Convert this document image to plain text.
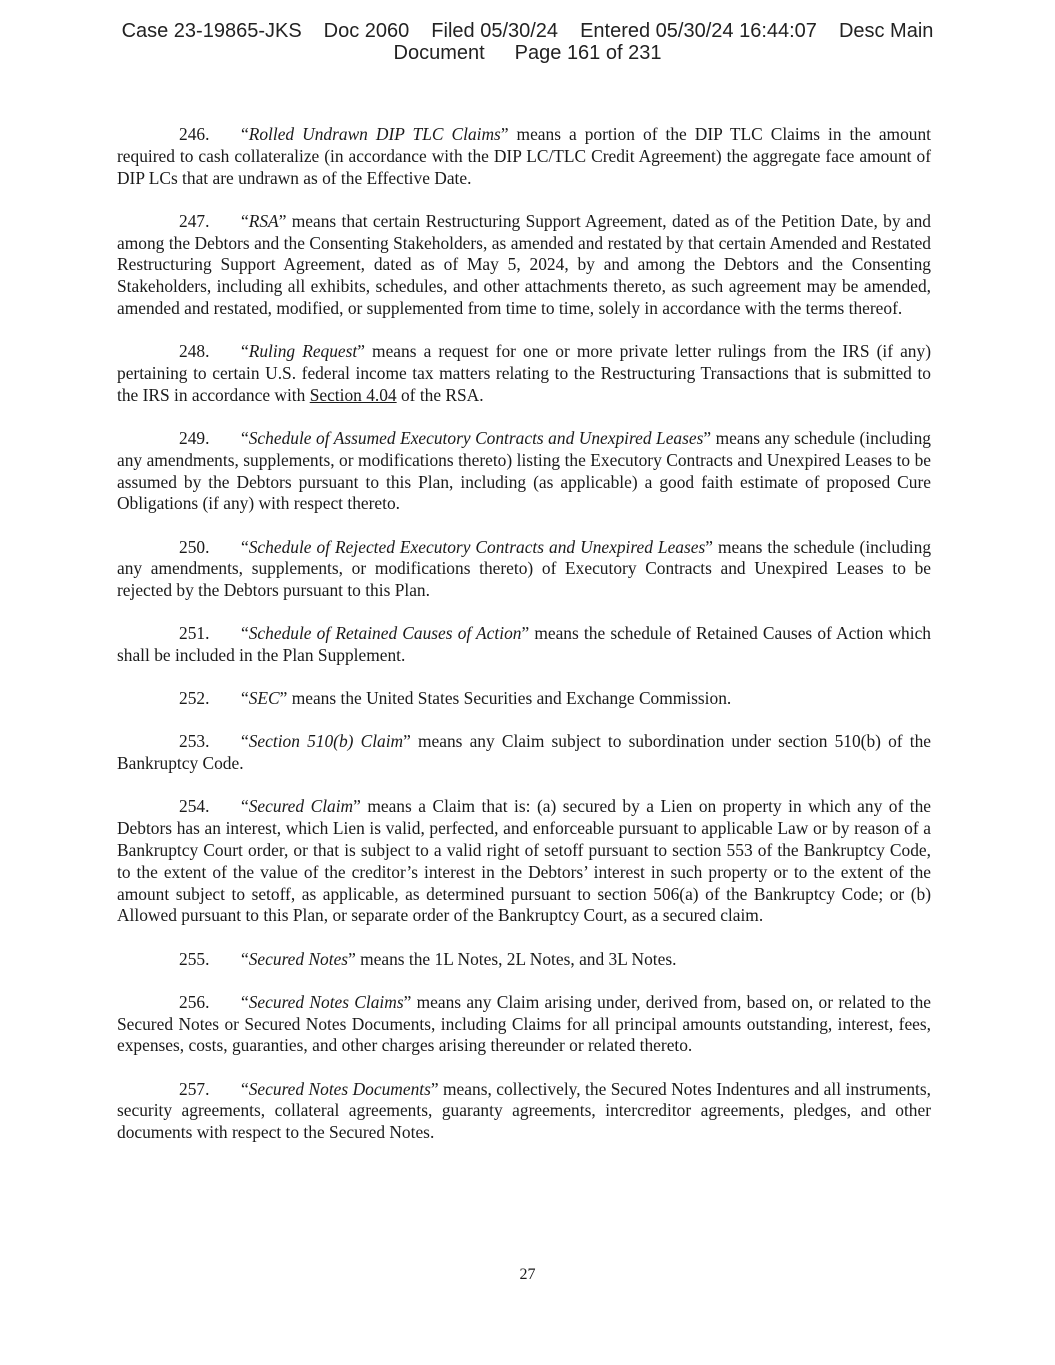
Case 23-19865-JKS Doc 2060 Filed 05/30/24 Entered 05/30/24 16:44:07 Desc Main
Document Page 161 of 231

246. “Rolled Undrawn DIP TLC Claims” means a portion of the DIP TLC Claims in the amount required to cash collateralize (in accordance with the DIP LC/TLC Credit Agreement) the aggregate face amount of DIP LCs that are undrawn as of the Effective Date.

247. “RSA” means that certain Restructuring Support Agreement, dated as of the Petition Date, by and among the Debtors and the Consenting Stakeholders, as amended and restated by that certain Amended and Restated Restructuring Support Agreement, dated as of May 5, 2024, by and among the Debtors and the Consenting Stakeholders, including all exhibits, schedules, and other attachments thereto, as such agreement may be amended, amended and restated, modified, or supplemented from time to time, solely in accordance with the terms thereof.

248. “Ruling Request” means a request for one or more private letter rulings from the IRS (if any) pertaining to certain U.S. federal income tax matters relating to the Restructuring Transactions that is submitted to the IRS in accordance with Section 4.04 of the RSA.

249. “Schedule of Assumed Executory Contracts and Unexpired Leases” means any schedule (including any amendments, supplements, or modifications thereto) listing the Executory Contracts and Unexpired Leases to be assumed by the Debtors pursuant to this Plan, including (as applicable) a good faith estimate of proposed Cure Obligations (if any) with respect thereto.

250. “Schedule of Rejected Executory Contracts and Unexpired Leases” means the schedule (including any amendments, supplements, or modifications thereto) of Executory Contracts and Unexpired Leases to be rejected by the Debtors pursuant to this Plan.

251. “Schedule of Retained Causes of Action” means the schedule of Retained Causes of Action which shall be included in the Plan Supplement.

252. “SEC” means the United States Securities and Exchange Commission.

253. “Section 510(b) Claim” means any Claim subject to subordination under section 510(b) of the Bankruptcy Code.

254. “Secured Claim” means a Claim that is: (a) secured by a Lien on property in which any of the Debtors has an interest, which Lien is valid, perfected, and enforceable pursuant to applicable Law or by reason of a Bankruptcy Court order, or that is subject to a valid right of setoff pursuant to section 553 of the Bankruptcy Code, to the extent of the value of the creditor’s interest in the Debtors’ interest in such property or to the extent of the amount subject to setoff, as applicable, as determined pursuant to section 506(a) of the Bankruptcy Code; or (b) Allowed pursuant to this Plan, or separate order of the Bankruptcy Court, as a secured claim.

255. “Secured Notes” means the 1L Notes, 2L Notes, and 3L Notes.

256. “Secured Notes Claims” means any Claim arising under, derived from, based on, or related to the Secured Notes or Secured Notes Documents, including Claims for all principal amounts outstanding, interest, fees, expenses, costs, guaranties, and other charges arising thereunder or related thereto.

257. “Secured Notes Documents” means, collectively, the Secured Notes Indentures and all instruments, security agreements, collateral agreements, guaranty agreements, intercreditor agreements, pledges, and other documents with respect to the Secured Notes.

27
